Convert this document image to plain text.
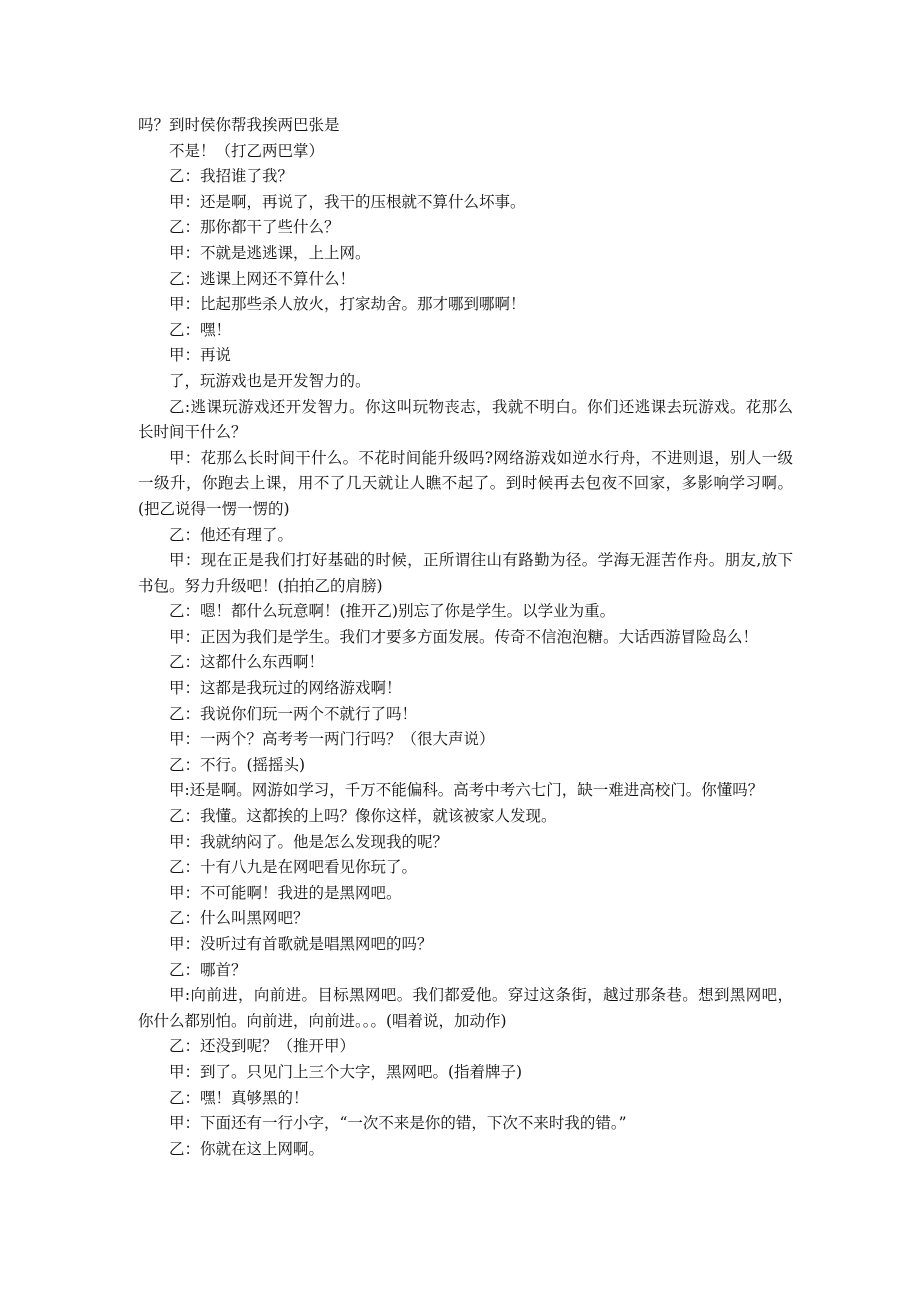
吗？到时侯你帮我挨两巴张是

不是！（打乙两巴掌）

乙：我招谁了我？

甲：还是啊，再说了，我干的压根就不算什么坏事。

乙：那你都干了些什么？

甲：不就是逃逃课，上上网。

乙：逃课上网还不算什么！

甲：比起那些杀人放火，打家劫舍。那才哪到哪啊！

乙：嘿！

甲：再说

了，玩游戏也是开发智力的。

乙:逃课玩游戏还开发智力。你这叫玩物丧志，我就不明白。你们还逃课去玩游戏。花那么长时间干什么？

甲：花那么长时间干什么。不花时间能升级吗?网络游戏如逆水行舟，不进则退，别人一级一级升，你跑去上课，用不了几天就让人瞧不起了。到时候再去包夜不回家，多影响学习啊。(把乙说得一愣一愣的)

乙：他还有理了。

甲：现在正是我们打好基础的时候，正所谓往山有路勤为径。学海无涯苦作舟。朋友,放下书包。努力升级吧！(拍拍乙的肩膀)

乙：嗯！都什么玩意啊！(推开乙)别忘了你是学生。以学业为重。

甲：正因为我们是学生。我们才要多方面发展。传奇不信泡泡糖。大话西游冒险岛么！

乙：这都什么东西啊！

甲：这都是我玩过的网络游戏啊！

乙：我说你们玩一两个不就行了吗！

甲：一两个？高考考一两门行吗？（很大声说）

乙：不行。(摇摇头)

甲:还是啊。网游如学习，千万不能偏科。高考中考六七门，缺一难进高校门。你懂吗？

乙：我懂。这都挨的上吗？像你这样，就该被家人发现。

甲：我就纳闷了。他是怎么发现我的呢？

乙：十有八九是在网吧看见你玩了。

甲：不可能啊！我进的是黑网吧。

乙：什么叫黑网吧？

甲：没听过有首歌就是唱黑网吧的吗？

乙：哪首？

甲:向前进，向前进。目标黑网吧。我们都爱他。穿过这条街，越过那条巷。想到黑网吧，你什么都别怕。向前进，向前进。。。(唱着说，加动作)

乙：还没到呢？（推开甲）

甲：到了。只见门上三个大字，黑网吧。(指着牌子)

乙：嘿！真够黑的！

甲：下面还有一行小字，“一次不来是你的错，下次不来时我的错。”

乙：你就在这上网啊。
